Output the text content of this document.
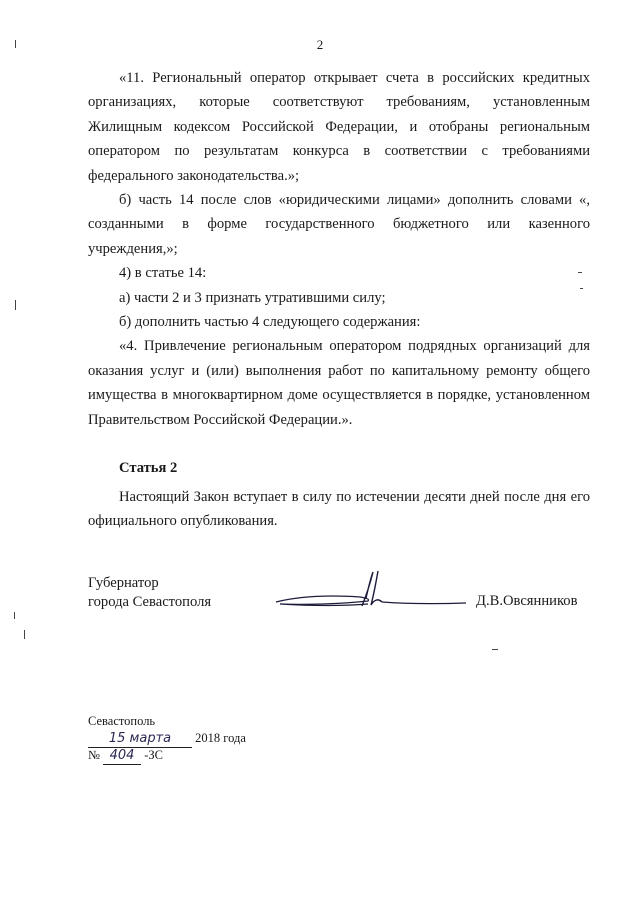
2

«11. Региональный оператор открывает счета в российских кредитных организациях, которые соответствуют требованиям, установленным Жилищным кодексом Российской Федерации, и отобраны региональным оператором по результатам конкурса в соответствии с требованиями федерального законодательства.»;

б) часть 14 после слов «юридическими лицами» дополнить словами «, созданными в форме государственного бюджетного или казенного учреждения,»;

4) в статье 14:

а) части 2 и 3 признать утратившими силу;

б) дополнить частью 4 следующего содержания:

«4. Привлечение региональным оператором подрядных организаций для оказания услуг и (или) выполнения работ по капитальному ремонту общего имущества в многоквартирном доме осуществляется в порядке, установленном Правительством Российской Федерации.».

Статья 2

Настоящий Закон вступает в силу по истечении десяти дней после дня его официального опубликования.

Губернатор
города Севастополя	Д.В.Овсянников
Севастополь
15 марта 2018 года
№ 404 -ЗС
